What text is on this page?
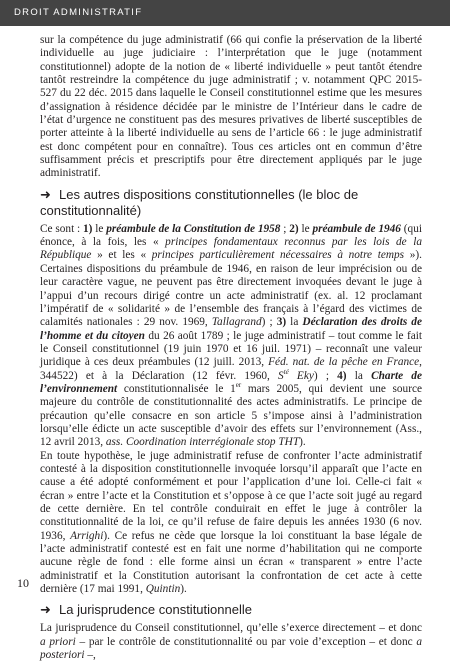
DROIT ADMINISTRATIF

sur la compétence du juge administratif (66 qui confie la préservation de la liberté individuelle au juge judiciaire : l’interprétation que le juge (notamment constitutionnel) adopte de la notion de « liberté individuelle » peut tantôt étendre tantôt restreindre la compétence du juge administratif ; v. notamment QPC 2015-527 du 22 déc. 2015 dans laquelle le Conseil constitutionnel estime que les mesures d’assignation à résidence décidée par le ministre de l’Intérieur dans le cadre de l’état d’urgence ne constituent pas des mesures privatives de liberté susceptibles de porter atteinte à la liberté individuelle au sens de l’article 66 : le juge administratif est donc compétent pour en connaître). Tous ces articles ont en commun d’être suffisamment précis et prescriptifs pour être directement appliqués par le juge administratif.

➜ Les autres dispositions constitutionnelles (le bloc de constitutionnalité)

Ce sont : 1) le préambule de la Constitution de 1958 ; 2) le préambule de 1946 (qui énonce, à la fois, les « principes fondamentaux reconnus par les lois de la République » et les « principes particulièrement nécessaires à notre temps »). Certaines dispositions du préambule de 1946, en raison de leur imprécision ou de leur caractère vague, ne peuvent pas être directement invoquées devant le juge à l’appui d’un recours dirigé contre un acte administratif (ex. al. 12 proclamant l’impératif de « solidarité » de l’ensemble des français à l’égard des victimes de calamités nationales : 29 nov. 1969, Tallagrand) ; 3) la Déclaration des droits de l’homme et du citoyen du 26 août 1789 ; le juge administratif – tout comme le fait le Conseil constitutionnel (19 juin 1970 et 16 juil. 1971) – reconnaît une valeur juridique à ces deux préambules (12 juill. 2013, Féd. nat. de la pêche en France, 344522) et à la Déclaration (12 févr. 1960, $S^{té}$ Eky) ; 4) la Charte de l’environnement constitutionnalisée le 1er mars 2005, qui devient une source majeure du contrôle de constitutionnalité des actes administratifs. Le principe de précaution qu’elle consacre en son article 5 s’impose ainsi à l’administration lorsqu’elle édicte un acte susceptible d’avoir des effets sur l’environnement (Ass., 12 avril 2013, ass. Coordination interrégionale stop THT).

En toute hypothèse, le juge administratif refuse de confronter l’acte administratif contesté à la disposition constitutionnelle invoquée lorsqu’il apparaît que l’acte en cause a été adopté conformément et pour l’application d’une loi. Celle-ci fait « écran » entre l’acte et la Constitution et s’oppose à ce que l’acte soit jugé au regard de cette dernière. En tel contrôle conduirait en effet le juge à contrôler la constitutionnalité de la loi, ce qu’il refuse de faire depuis les années 1930 (6 nov. 1936, Arrighi). Ce refus ne cède que lorsque la loi constituant la base légale de l’acte administratif contesté est en fait une norme d’habilitation qui ne comporte aucune règle de fond : elle forme ainsi un écran « transparent » entre l’acte administratif et la Constitution autorisant la confrontation de cet acte à cette dernière (17 mai 1991, Quintin).

➜ La jurisprudence constitutionnelle

La jurisprudence du Conseil constitutionnel, qu’elle s’exerce directement – et donc a priori – par le contrôle de constitutionnalité ou par voie d’exception – et donc a posteriori –,

10
